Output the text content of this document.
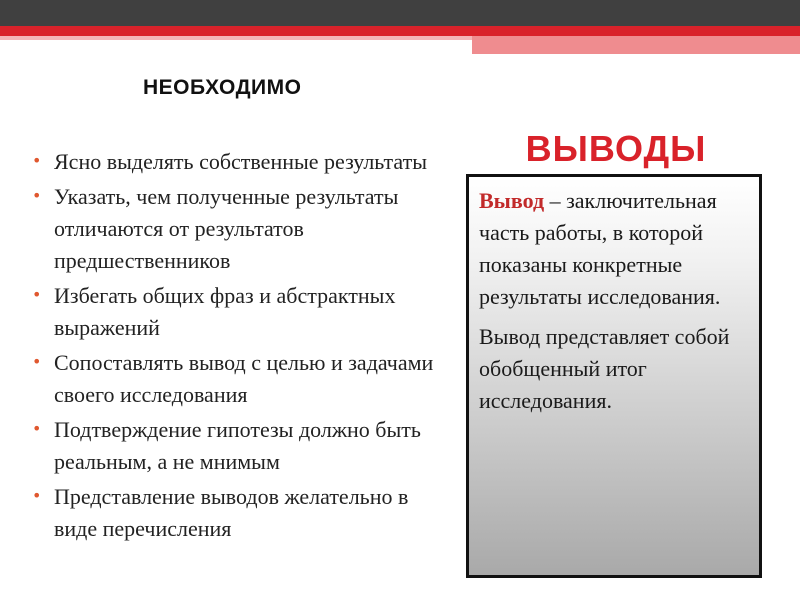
НЕОБХОДИМО
• Ясно выделять собственные результаты
• Указать, чем полученные результаты отличаются от результатов предшественников
• Избегать общих фраз и абстрактных выражений
• Сопоставлять вывод с целью и задачами своего исследования
• Подтверждение гипотезы должно быть реальным, а не мнимым
• Представление выводов желательно в виде перечисления
ВЫВОДЫ
Вывод – заключительная часть работы, в которой показаны конкретные результаты исследования.
Вывод представляет собой обобщенный итог исследования.
